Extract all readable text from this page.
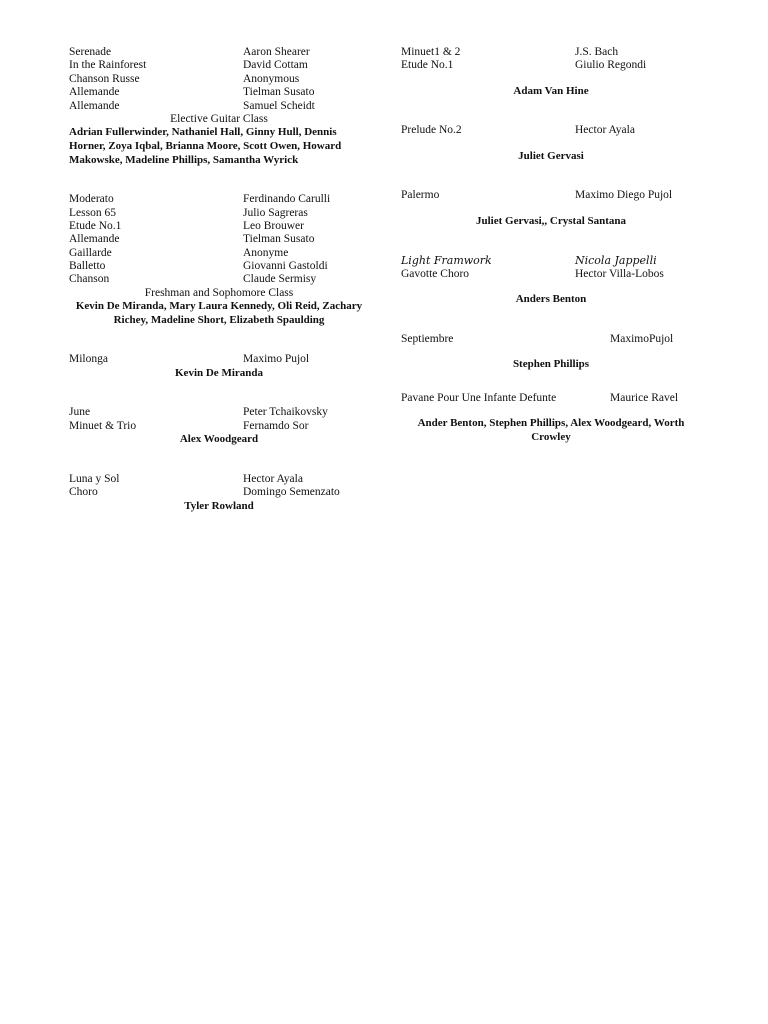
Serenade	Aaron Shearer
In the Rainforest	David Cottam
Chanson Russe	Anonymous
Allemande	Tielman Susato
Allemande	Samuel Scheidt
Elective Guitar Class
Adrian Fullerwinder, Nathaniel Hall, Ginny Hull, Dennis Horner, Zoya Iqbal, Brianna Moore, Scott Owen, Howard Makowske, Madeline Phillips, Samantha Wyrick
Moderato	Ferdinando Carulli
Lesson 65	Julio Sagreras
Etude No.1	Leo Brouwer
Allemande	Tielman Susato
Gaillarde	Anonyme
Balletto	Giovanni Gastoldi
Chanson	Claude Sermisy
Freshman and Sophomore Class
Kevin De Miranda, Mary Laura Kennedy, Oli Reid, Zachary Richey, Madeline Short, Elizabeth Spaulding
Milonga	Maximo Pujol
Kevin De Miranda
June	Peter Tchaikovsky
Minuet & Trio	Fernamdo Sor
Alex Woodgeard
Luna y Sol	Hector Ayala
Choro	Domingo Semenzato
Tyler Rowland
Minuet1 & 2	J.S. Bach
Etude No.1	Giulio Regondi
Adam Van Hine
Prelude No.2	Hector Ayala
Juliet Gervasi
Palermo	Maximo Diego Pujol
Juliet Gervasi,, Crystal Santana
Light Framwork	Nicola Jappelli
Gavotte Choro	Hector Villa-Lobos
Anders Benton
Septiembre	MaximoPujol
Stephen Phillips
Pavane Pour Une Infante Defunte	Maurice Ravel
Ander Benton, Stephen Phillips, Alex Woodgeard, Worth Crowley
